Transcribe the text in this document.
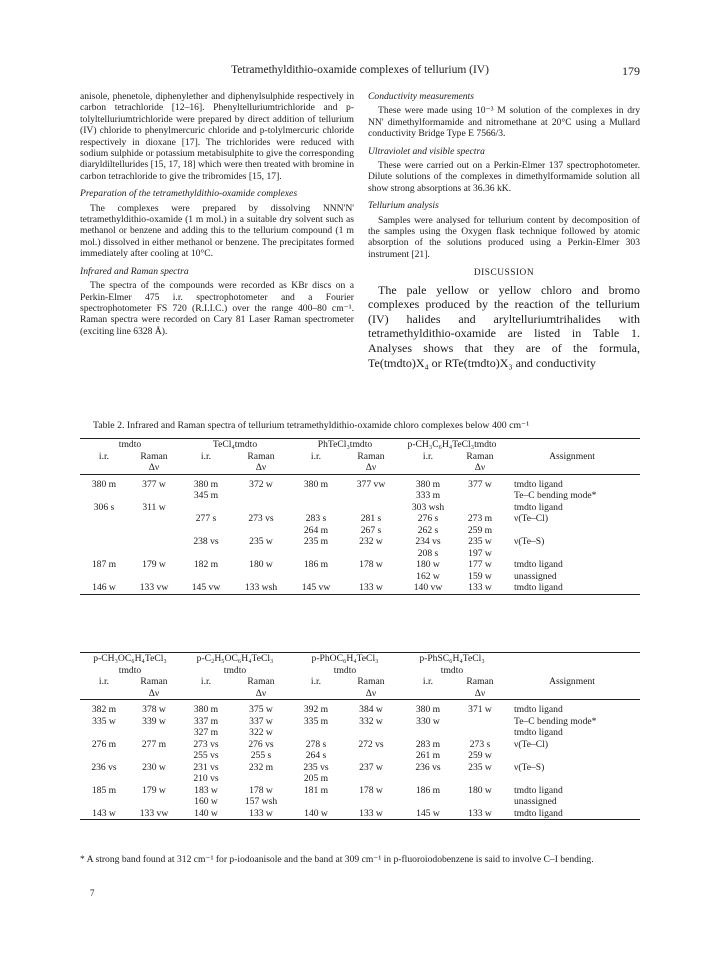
Tetramethyldithio-oxamide complexes of tellurium (IV)	179

anisole, phenetole, diphenylether and diphenylsulphide respectively in carbon tetrachloride [12–16]. Phenyltelluriumtrichloride and p-tolyltelluriumtrichloride were prepared by direct addition of tellurium (IV) chloride to phenylmercuric chloride and p-tolylmercuric chloride respectively in dioxane [17]. The trichlorides were reduced with sodium sulphide or potassium metabisulphite to give the corresponding diaryldiltellurides [15, 17, 18] which were then treated with bromine in carbon tetrachloride to give the tribromides [15, 17].

Preparation of the tetramethyldithio-oxamide complexes

The complexes were prepared by dissolving NNN'N' tetramethyldithio-oxamide (1 m mol.) in a suitable dry solvent such as methanol or benzene and adding this to the tellurium compound (1 m mol.) dissolved in either methanol or benzene. The precipitates formed immediately after cooling at 10°C.

Infrared and Raman spectra

The spectra of the compounds were recorded as KBr discs on a Perkin-Elmer 475 i.r. spectrophotometer and a Fourier spectrophotometer FS 720 (R.I.I.C.) over the range 400–80 cm⁻¹. Raman spectra were recorded on Cary 81 Laser Raman spectrometer (exciting line 6328 Å).

Conductivity measurements

These were made using 10⁻³ M solution of the complexes in dry NN' dimethylformamide and nitromethane at 20°C using a Mullard conductivity Bridge Type E 7566/3.

Ultraviolet and visible spectra

These were carried out on a Perkin-Elmer 137 spectrophotometer. Dilute solutions of the complexes in dimethylformamide solution all show strong absorptions at 36.36 kK.

Tellurium analysis

Samples were analysed for tellurium content by decomposition of the samples using the Oxygen flask technique followed by atomic absorption of the solutions produced using a Perkin-Elmer 303 instrument [21].

DISCUSSION

The pale yellow or yellow chloro and bromo complexes produced by the reaction of the tellurium (IV) halides and aryltelluriumtrihalides with tetramethyldithio-oxamide are listed in Table 1. Analyses shows that they are of the formula, Te(tmdto)X₄ or RTe(tmdto)X₃ and conductivity

Table 2. Infrared and Raman spectra of tellurium tetramethyldithio-oxamide chloro complexes below 400 cm⁻¹
tmdto		TeCl₄tmdto		PhTeCl₃tmdto		p-CH₃C₆H₄TeCl₃tmdto		
i.r.	Raman	i.r.	Raman	i.r.	Raman	i.r.	Raman	Assignment
	Δν		Δν		Δν		Δν	

380 m	377 w	380 m	372 w	380 m	377 vw	380 m	377 w	tmdto ligand
		345 m				333 m		Te–C bending mode*
306 s	311 w					303 wsh		tmdto ligand
		277 s	273 vs	283 s	281 s	276 s	273 m	ν(Te–Cl)
				264 m	267 s	262 s	259 m	
		238 vs	235 w	235 m	232 w	234 vs	235 w	ν(Te–S)
						208 s	197 w	
187 m	179 w	182 m	180 w	186 m	178 w	180 w	177 w	tmdto ligand
						162 w	159 w	unassigned
146 w	133 vw	145 vw	133 wsh	145 vw	133 w	140 vw	133 w	tmdto ligand
p-CH₃OC₆H₄TeCl₃		p-C₂H₅OC₆H₄TeCl₃		p-PhOC₆H₄TeCl₃		p-PhSC₆H₄TeCl₃		
tmdto		tmdto		tmdto		tmdto		
i.r.	Raman	i.r.	Raman	i.r.	Raman	i.r.	Raman	Assignment
	Δν		Δν		Δν		Δν	

382 m	378 w	380 m	375 w	392 m	384 w	380 m	371 w	tmdto ligand
335 w	339 w	337 m	337 w	335 m	332 w	330 w		Te–C bending mode*
		327 m	322 w					tmdto ligand
276 m	277 m	273 vs	276 vs	278 s	272 vs	283 m	273 s	ν(Te–Cl)
		255 vs	255 s	264 s		261 m	259 w	
236 vs	230 w	231 vs	232 m	235 vs	237 w	236 vs	235 w	ν(Te–S)
		210 vs		205 m				
185 m	179 w	183 w	178 w	181 m	178 w	186 m	180 w	tmdto ligand
		160 w	157 wsh					unassigned
143 w	133 vw	140 w	133 w	140 w	133 w	145 w	133 w	tmdto ligand
* A strong band found at 312 cm⁻¹ for p-iodoanisole and the band at 309 cm⁻¹ in p-fluoroiodobenzene is said to involve C–I bending.
7
